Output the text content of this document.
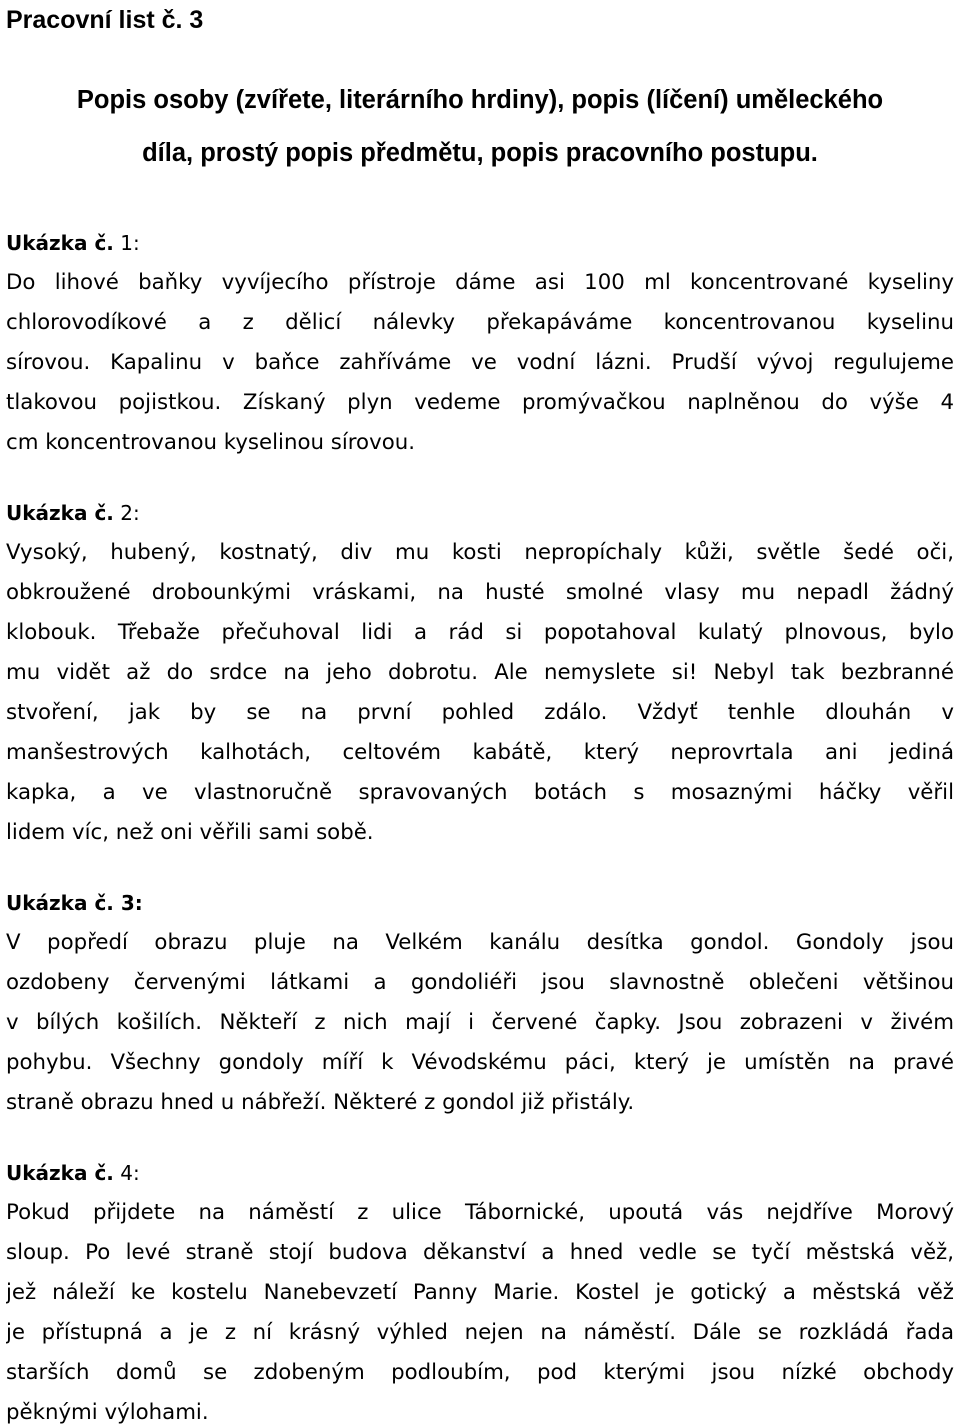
Pracovní list č. 3
Popis osoby (zvířete, literárního hrdiny), popis (líčení) uměleckého
díla, prostý popis předmětu, popis pracovního postupu.

Ukázka č. 1:

Do lihové baňky vyvíjecího přístroje dáme asi 100 ml koncentrované kyseliny

chlorovodíkové a z dělicí nálevky překapáváme koncentrovanou kyselinu

sírovou. Kapalinu v baňce zahříváme ve vodní lázni. Prudší vývoj regulujeme

tlakovou pojistkou. Získaný plyn vedeme promývačkou naplněnou do výše 4

cm koncentrovanou kyselinou sírovou.

Ukázka č. 2:

Vysoký, hubený, kostnatý, div mu kosti nepropíchaly kůži, světle šedé oči,

obkroužené drobounkými vráskami, na husté smolné vlasy mu nepadl žádný

klobouk. Třebaže přečuhoval lidi a rád si popotahoval kulatý plnovous, bylo

mu vidět až do srdce na jeho dobrotu. Ale nemyslete si! Nebyl tak bezbranné

stvoření, jak by se na první pohled zdálo. Vždyť tenhle dlouhán v

manšestrových kalhotách, celtovém kabátě, který neprovrtala ani jediná

kapka, a ve vlastnoručně spravovaných botách s mosaznými háčky věřil

lidem víc, než oni věřili sami sobě.

Ukázka č. 3:

V popředí obrazu pluje na Velkém kanálu desítka gondol. Gondoly jsou

ozdobeny červenými látkami a gondoliéři jsou slavnostně oblečeni většinou

v bílých košilích. Někteří z nich mají i červené čapky. Jsou zobrazeni v živém

pohybu. Všechny gondoly míří k Vévodskému páci, který je umístěn na pravé

straně obrazu hned u nábřeží. Některé z gondol již přistály.

Ukázka č. 4:

Pokud přijdete na náměstí z ulice Tábornické, upoutá vás nejdříve Morový

sloup. Po levé straně stojí budova děkanství a hned vedle se tyčí městská věž,

jež náleží ke kostelu Nanebevzetí Panny Marie. Kostel je gotický a městská věž

je přístupná a je z ní krásný výhled nejen na náměstí. Dále se rozkládá řada

starších domů se zdobeným podloubím, pod kterými jsou nízké obchody

pěknými výlohami.
